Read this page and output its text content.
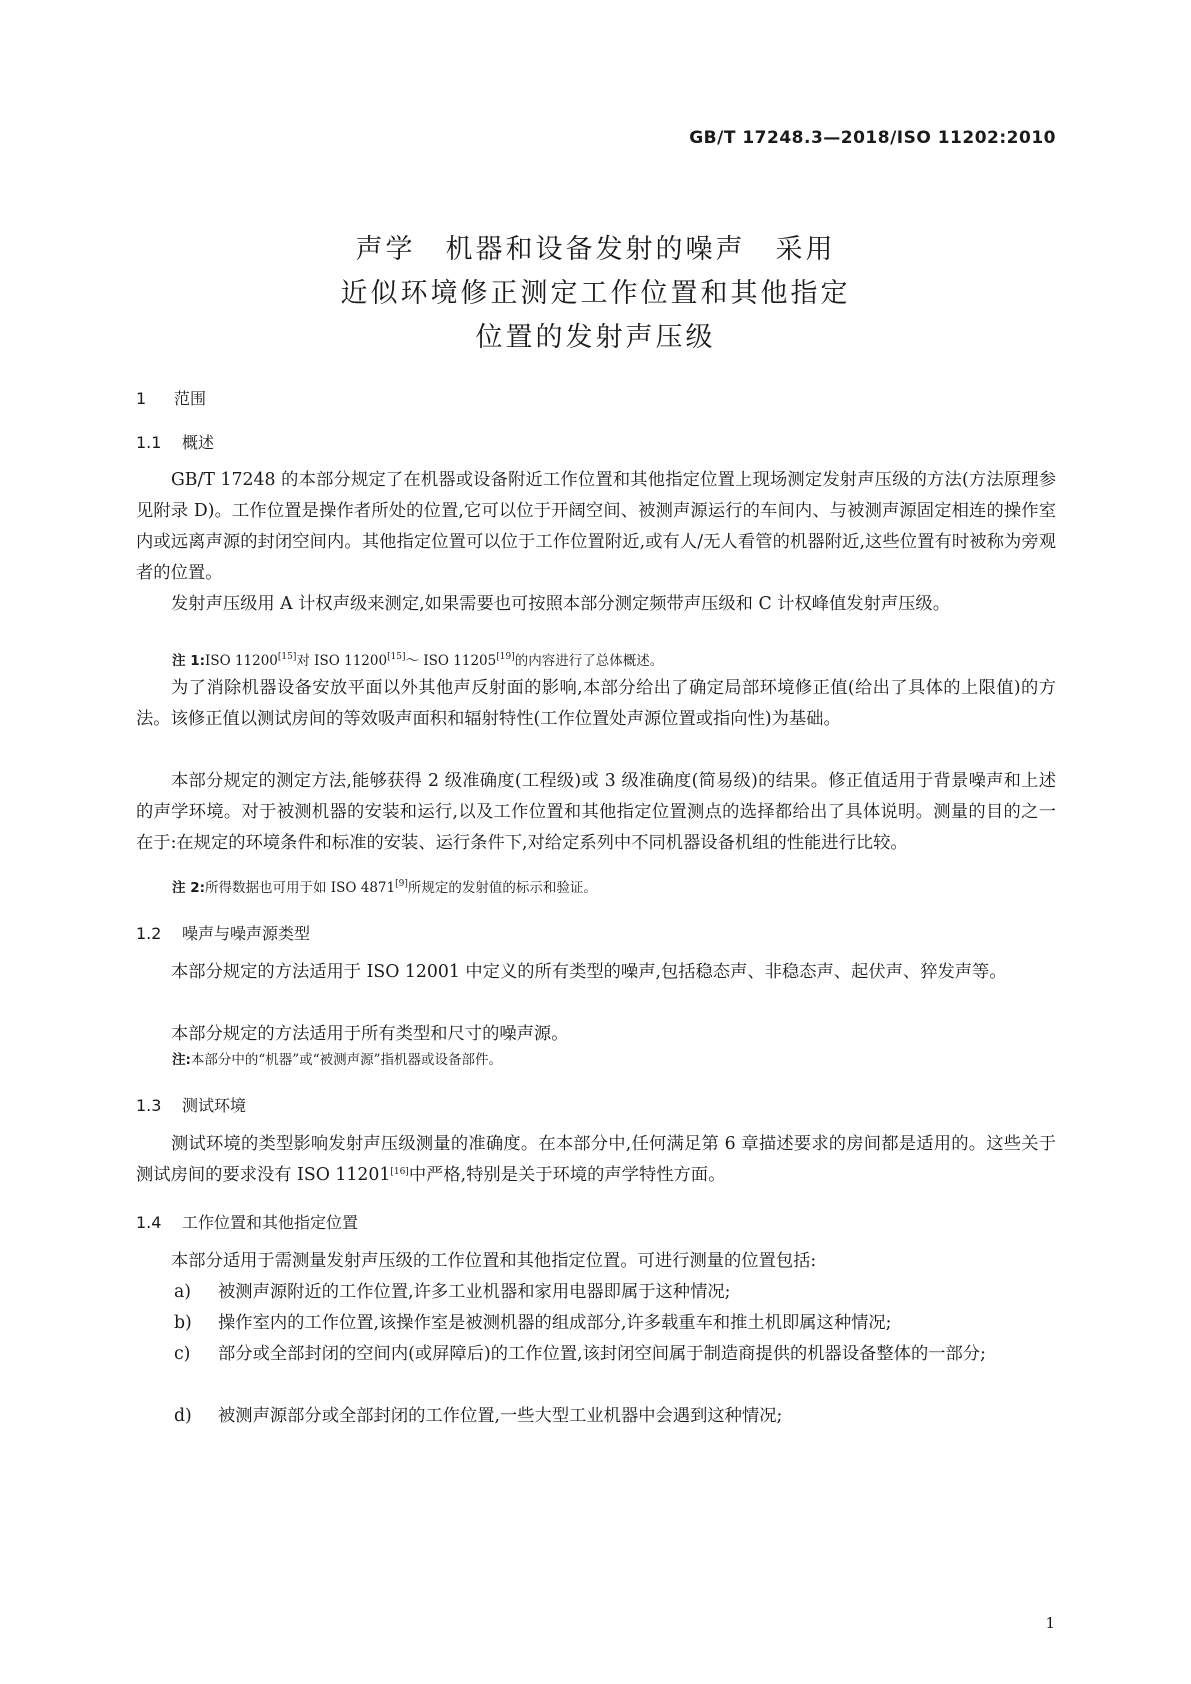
GB/T 17248.3—2018/ISO 11202:2010
声学　机器和设备发射的噪声　采用
近似环境修正测定工作位置和其他指定
位置的发射声压级
1 范围
1.1 概述
GB/T 17248 的本部分规定了在机器或设备附近工作位置和其他指定位置上现场测定发射声压级的方法(方法原理参见附录 D)。工作位置是操作者所处的位置,它可以位于开阔空间、被测声源运行的车间内、与被测声源固定相连的操作室内或远离声源的封闭空间内。其他指定位置可以位于工作位置附近,或有人/无人看管的机器附近,这些位置有时被称为旁观者的位置。
发射声压级用 A 计权声级来测定,如果需要也可按照本部分测定频带声压级和 C 计权峰值发射声压级。
注 1:ISO 11200[15]对 ISO 11200[15]～ ISO 11205[19]的内容进行了总体概述。
为了消除机器设备安放平面以外其他声反射面的影响,本部分给出了确定局部环境修正值(给出了具体的上限值)的方法。该修正值以测试房间的等效吸声面积和辐射特性(工作位置处声源位置或指向性)为基础。
本部分规定的测定方法,能够获得 2 级准确度(工程级)或 3 级准确度(简易级)的结果。修正值适用于背景噪声和上述的声学环境。对于被测机器的安装和运行,以及工作位置和其他指定位置测点的选择都给出了具体说明。测量的目的之一在于:在规定的环境条件和标准的安装、运行条件下,对给定系列中不同机器设备机组的性能进行比较。
注 2:所得数据也可用于如 ISO 4871[9]所规定的发射值的标示和验证。
1.2 噪声与噪声源类型
本部分规定的方法适用于 ISO 12001 中定义的所有类型的噪声,包括稳态声、非稳态声、起伏声、猝发声等。
本部分规定的方法适用于所有类型和尺寸的噪声源。
注:本部分中的“机器”或“被测声源”指机器或设备部件。
1.3 测试环境
测试环境的类型影响发射声压级测量的准确度。在本部分中,任何满足第 6 章描述要求的房间都是适用的。这些关于测试房间的要求没有 ISO 11201[16]中严格,特别是关于环境的声学特性方面。
1.4 工作位置和其他指定位置
本部分适用于需测量发射声压级的工作位置和其他指定位置。可进行测量的位置包括:
a) 被测声源附近的工作位置,许多工业机器和家用电器即属于这种情况;
b) 操作室内的工作位置,该操作室是被测机器的组成部分,许多载重车和推土机即属这种情况;
c) 部分或全部封闭的空间内(或屏障后)的工作位置,该封闭空间属于制造商提供的机器设备整体的一部分;
d) 被测声源部分或全部封闭的工作位置,一些大型工业机器中会遇到这种情况;
1
